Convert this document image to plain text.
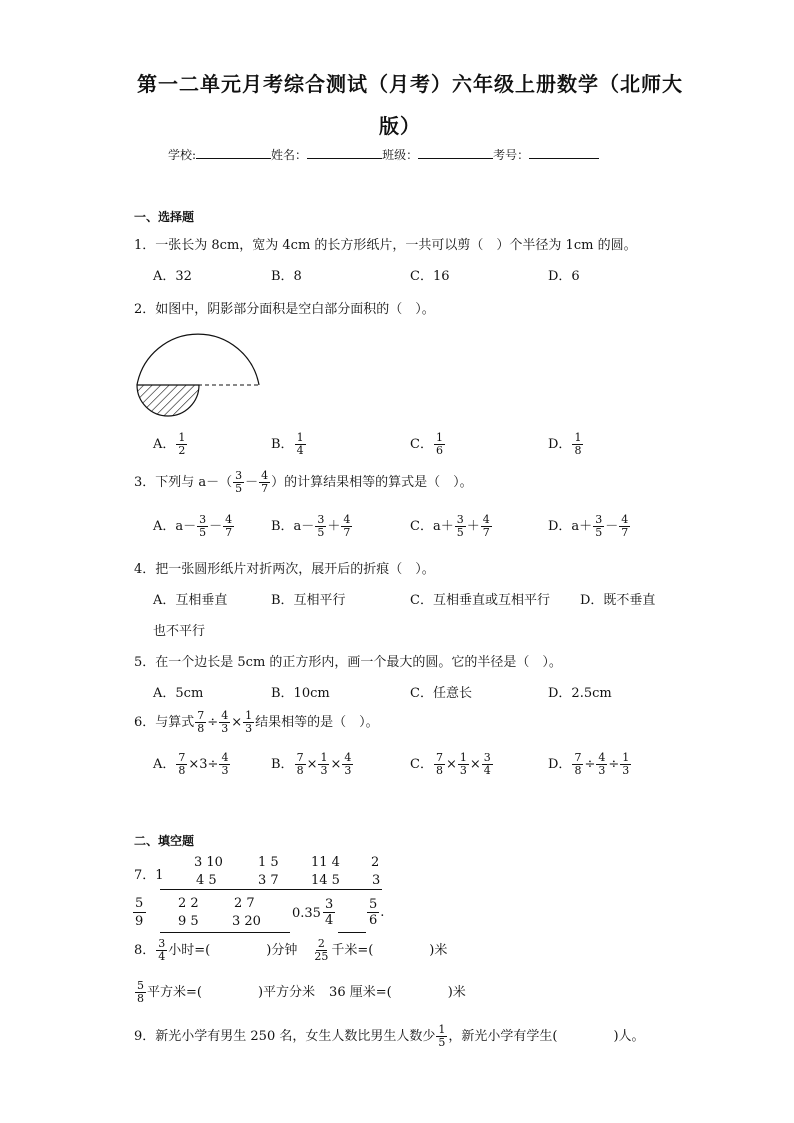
第一二单元月考综合测试（月考）六年级上册数学（北师大
版）
学校:	姓名：	班级：	考号：
一、选择题
1．一张长为 8cm，宽为 4cm 的长方形纸片，一共可以剪（　）个半径为 1cm 的圆。
A．32	B．8	C．16	D．6
2．如图中，阴影部分面积是空白部分面积的（　）。
A． $\frac{1}{2}$	B． $\frac{1}{4}$	C． $\frac{1}{6}$	D． $\frac{1}{8}$
3．下列与 $a-( \frac{3}{5} - \frac{4}{7}$ ）的计算结果相等的算式是（　）。
A．$a- \frac{3}{5} - \frac{4}{7}$	B．$a- \frac{3}{5} + \frac{4}{7}$	C．$a+ \frac{3}{5} + \frac{4}{7}$	D．$a+ \frac{3}{5} - \frac{4}{7}$
4．把一张圆形纸片对折两次，展开后的折痕（　）。
A．互相垂直	B．互相平行	C．互相垂直或互相平行 D．既不垂直
也不平行
5．在一个边长是 5cm 的正方形内，画一个最大的圆。它的半径是（　）。
A．5cm	B．10cm	C．任意长	D．2.5cm
6．与算式 $\frac{7}{8} \div \frac{4}{3} \times \frac{1}{3}$ 结果相等的是（　）。
A． $\frac{7}{8} \times 3\div \frac{4}{3}$	B． $\frac{7}{8} \times \frac{1}{3} \times \frac{4}{3}$	C． $\frac{7}{8} \times \frac{1}{3} \times \frac{3}{4}$	D． $\frac{7}{8} \div \frac{4}{3} \div \frac{1}{3}$
二、填空题
7．1
3 10	1 5 11 4 2
4 5	3 7 14 5 3
5	2 2	2 7
9	9 5	3 20
$0.35 \frac{3}{4} \frac{5}{6}$ .
8． $\frac{3}{4}$ 小时=(	)分钟 $\frac{2}{25}$ 千米=(	)米
$\frac{5}{8}$ 平方米=(	)平方分米 36 厘米=(	)米
9．新光小学有男生 250 名，女生人数比男生人数少 $\frac{1}{5}$ ，新光小学有学生(	)人。
